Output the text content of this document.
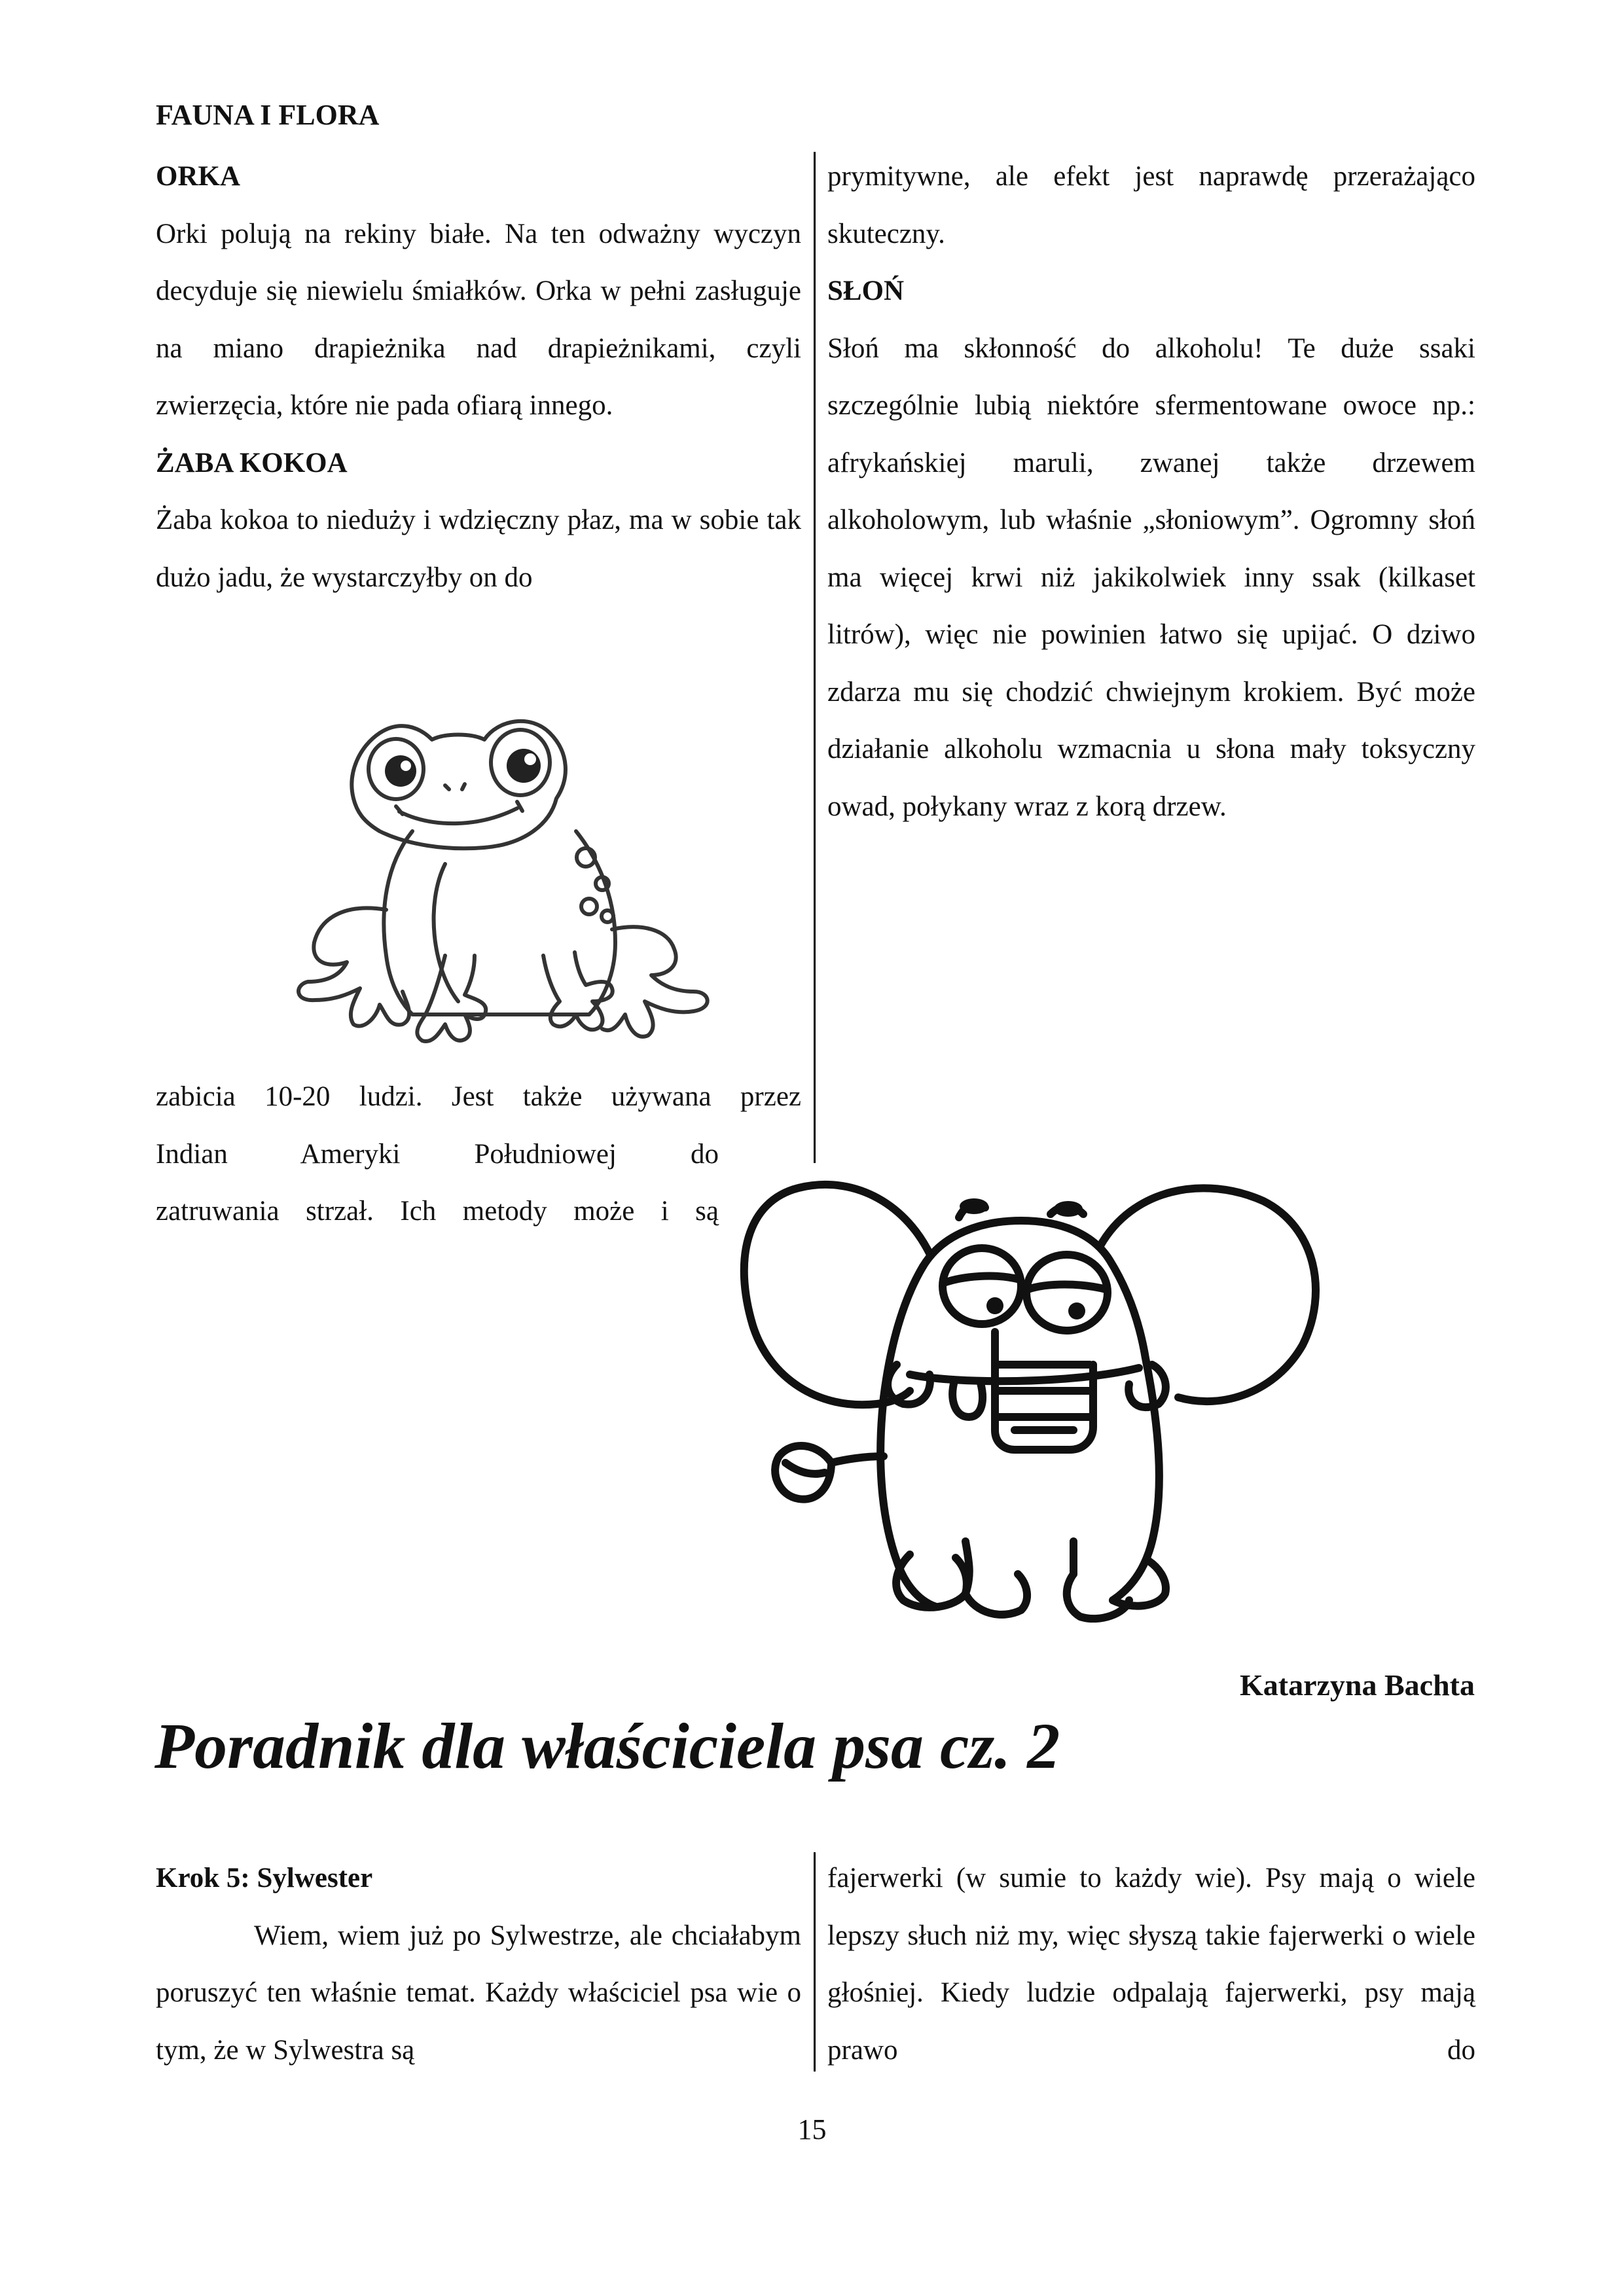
FAUNA I FLORA

ORKA

Orki polują na rekiny białe. Na ten odważny wyczyn decyduje się niewielu śmiałków. Orka w pełni zasługuje na miano drapieżnika nad drapieżnikami, czyli zwierzęcia, które nie pada ofiarą innego.

ŻABA KOKOA

Żaba kokoa to nieduży i wdzięczny płaz, ma w sobie tak dużo jadu, że wystarczyłby on do

prymitywne, ale efekt jest naprawdę przerażająco skuteczny.

SŁOŃ

Słoń ma skłonność do alkoholu! Te duże ssaki szczególnie lubią niektóre sfermentowane owoce np.: afrykańskiej maruli, zwanej także drzewem alkoholowym, lub właśnie „słoniowym”. Ogromny słoń ma więcej krwi niż jakikolwiek inny ssak (kilkaset litrów), więc nie powinien łatwo się upijać. O dziwo zdarza mu się chodzić chwiejnym krokiem. Być może działanie alkoholu wzmacnia u słona mały toksyczny owad, połykany wraz z korą drzew.

zabicia 10-20 ludzi. Jest także używana przez

Indian Ameryki Południowej do

zatruwania strzał. Ich metody może i są

Katarzyna Bachta
Poradnik dla właściciela psa cz. 2

Krok 5: Sylwester

Wiem, wiem już po Sylwestrze, ale chciałabym poruszyć ten właśnie temat. Każdy właściciel psa wie o tym, że w Sylwestra są

fajerwerki (w sumie to każdy wie). Psy mają o wiele lepszy słuch niż my, więc słyszą takie fajerwerki o wiele głośniej. Kiedy ludzie odpalają fajerwerki, psy mają prawo do

15
